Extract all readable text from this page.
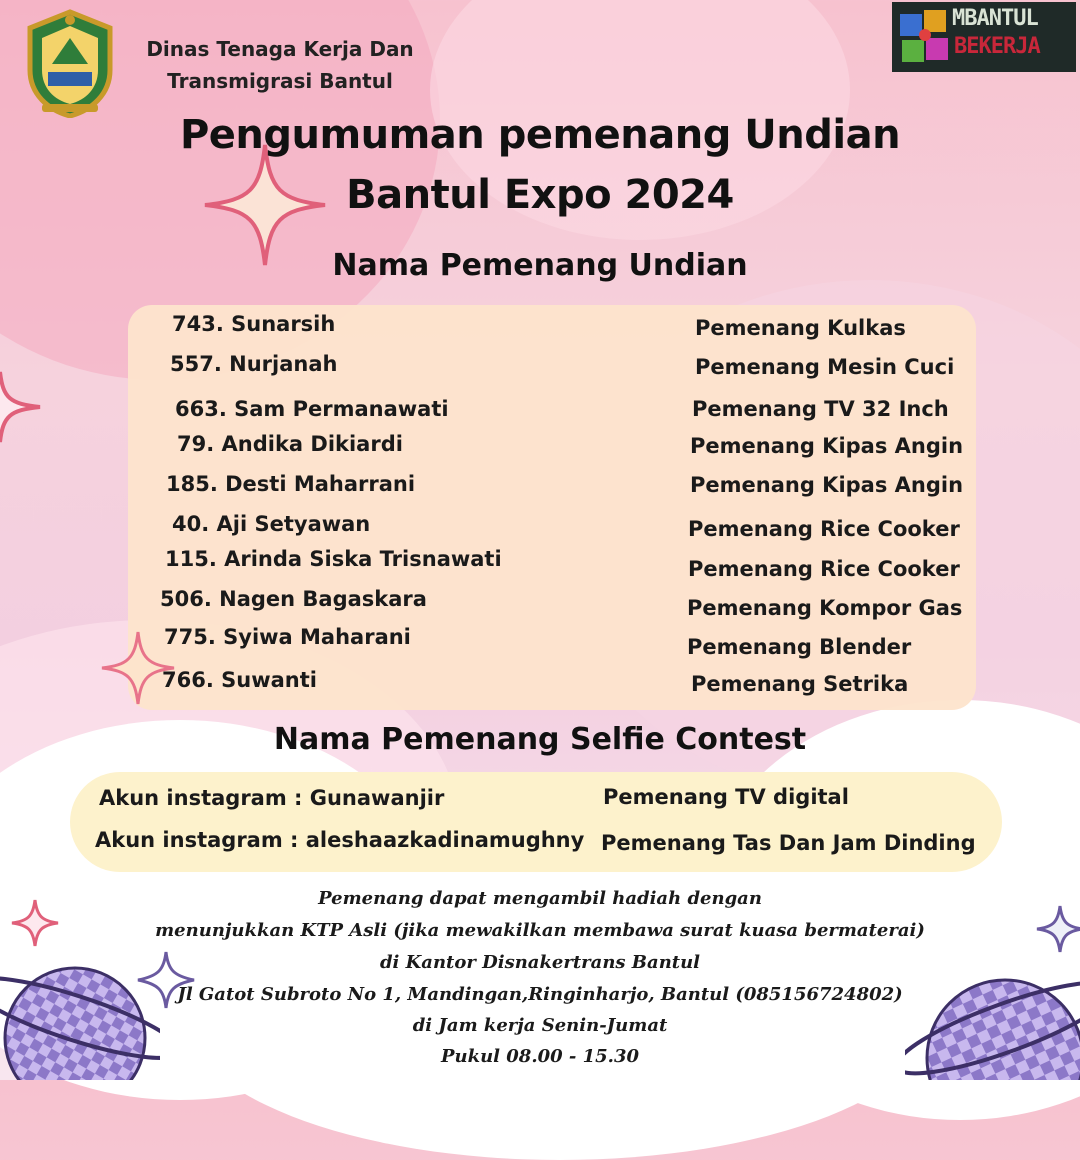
Dinas Tenaga Kerja Dan
Transmigrasi Bantul
MBANTUL
BEKERJA
Pengumuman pemenang Undian
Bantul Expo 2024
Nama Pemenang Undian
743. Sunarsih
557. Nurjanah
663. Sam Permanawati
79. Andika Dikiardi
185. Desti Maharrani
40. Aji Setyawan
115. Arinda Siska Trisnawati
506. Nagen Bagaskara
775. Syiwa Maharani
766. Suwanti
Pemenang Kulkas
Pemenang Mesin Cuci
Pemenang TV 32 Inch
Pemenang Kipas Angin
Pemenang Kipas Angin
Pemenang Rice Cooker
Pemenang Rice Cooker
Pemenang Kompor Gas
Pemenang Blender
Pemenang Setrika
Nama Pemenang Selfie Contest
Akun instagram : Gunawanjir
Akun instagram : aleshaazkadinamughny
Pemenang TV digital
Pemenang Tas Dan Jam Dinding
Pemenang dapat mengambil hadiah dengan
menunjukkan KTP Asli (jika mewakilkan membawa surat kuasa bermaterai)
di Kantor Disnakertrans Bantul
Jl Gatot Subroto No 1, Mandingan,Ringinharjo, Bantul (085156724802)
di Jam kerja Senin-Jumat
Pukul 08.00 - 15.30
